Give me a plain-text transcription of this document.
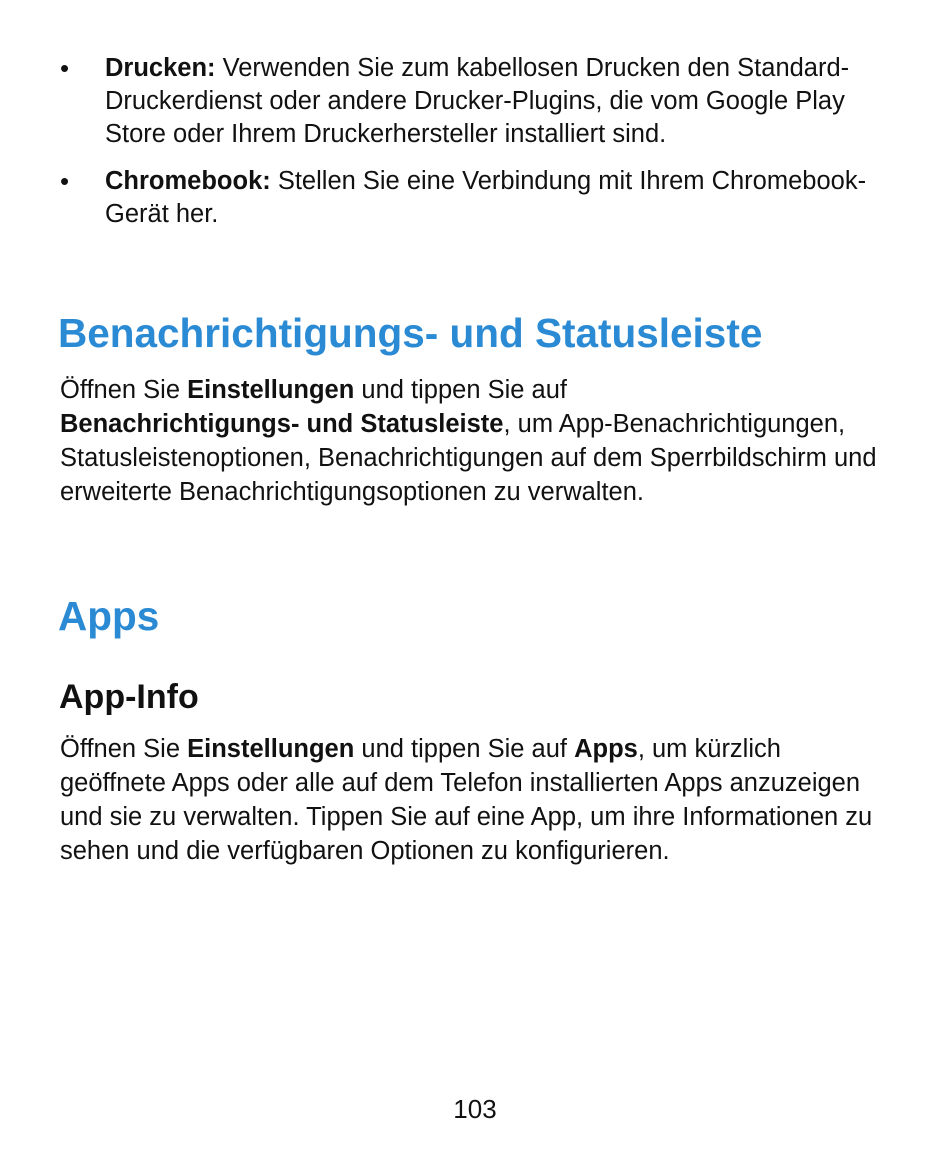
• Drucken: Verwenden Sie zum kabellosen Drucken den Standard-Druckerdienst oder andere Drucker-Plugins, die vom Google Play Store oder Ihrem Druckerhersteller installiert sind.
• Chromebook: Stellen Sie eine Verbindung mit Ihrem Chromebook-Gerät her.
Benachrichtigungs- und Statusleiste

Öffnen Sie Einstellungen und tippen Sie auf
Benachrichtigungs- und Statusleiste, um App-Benachrichtigungen, Statusleistenoptionen, Benachrichtigungen auf dem Sperrbildschirm und erweiterte Benachrichtigungsoptionen zu verwalten.

Apps
App-Info

Öffnen Sie Einstellungen und tippen Sie auf Apps, um kürzlich geöffnete Apps oder alle auf dem Telefon installierten Apps anzuzeigen und sie zu verwalten. Tippen Sie auf eine App, um ihre Informationen zu sehen und die verfügbaren Optionen zu konfigurieren.

103
